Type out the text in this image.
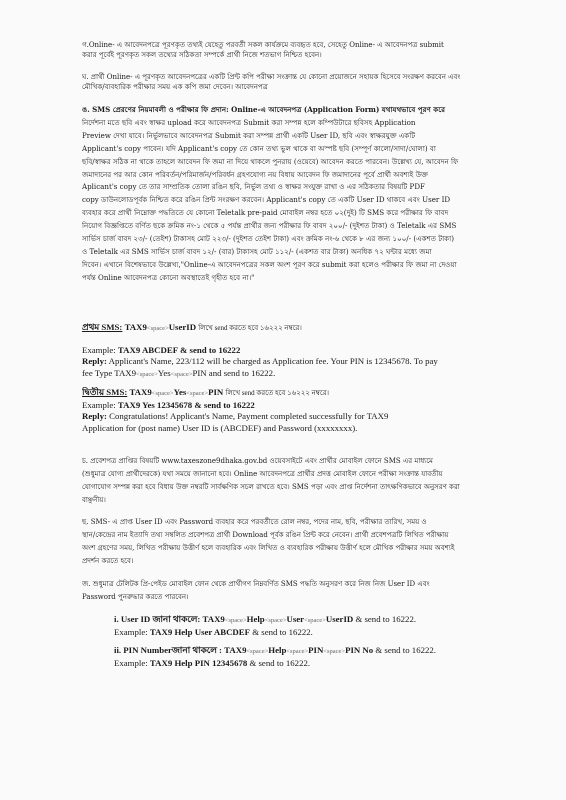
গ.Online- এ আবেদনপত্রে পূরণকৃত তথ্যই যেহেতু পরবর্তী সকল কার্যক্রমে ব্যবহৃত হবে, সেহেতু Online- এ আবেদনপত্র submit
করার পূর্বেই পূরণকৃত সকল তথ্যের সঠিকতা সম্পর্কে প্রার্থী নিজে শতভাগ নিশ্চিত হবেন।
ঘ. প্রার্থী Online- এ পূরণকৃত আবেদনপত্রের একটি প্রিন্ট কপি পরীক্ষা সংক্রান্ত যে কোনো প্রয়োজনে সহায়ক হিসেবে সংরক্ষণ করবেন এবং
মৌখিক/ব্যবহারিক পরীক্ষার সময় এক কপি জমা দেবেন। আবেদনপত্র
ঙ. SMS প্রেরণের নিয়মাবলী ও পরীক্ষার ফি প্রদান: Online-এ আবেদনপত্র (Application Form) যথাযথভাবে পূরণ করে
নির্দেশনা মতে ছবি এবং স্বাক্ষর upload করে আবেদনপত্র Submit করা সম্পন্ন হলে কম্পিউটারে ছবিসহ Application
Preview দেখা যাবে। নির্ভুলভাবে আবেদনপত্র Submit করা সম্পন্ন প্রার্থী একটি User ID, ছবি এবং স্বাক্ষরযুক্ত একটি
Applicant's copy পাবেন। যদি Applicant's copy তে কোন তথ্য ভুল থাকে বা অস্পষ্ট ছবি (সম্পূর্ণ কালো/সাদা/ঘোলা) বা
ছবি/স্বাক্ষর সঠিক না থাকে তাহলে আবেদন ফি জমা না দিয়ে থাকলে পুনরায় (ওয়েবে) আবেদন করতে পারবেন। উল্লেখ্য যে, আবেদন ফি
জমাদানের পর আর কোন পরিবর্তন/পরিমার্জন/পরিবর্ধন গ্রহণযোগ্য নয় বিধায় আবেদন ফি জমাদানের পূর্বে প্রার্থী অবশ্যই উক্ত
Aplicant's copy তে তার সাম্প্রতিক তোলা রঙিন ছবি, নির্ভুল তথ্য ও স্বাক্ষর সংযুক্ত রাখা ও এর সঠিকতার বিষয়টি PDF
copy ডাউনলোডপূর্বক নিশ্চিত করে রঙিন প্রিন্ট সংরক্ষণ করবেন। Applicant's copy তে একটি User ID থাকবে এবং User ID
ব্যবহার করে প্রার্থী নিম্নোক্ত পদ্ধতিতে যে কোনো Teletalk pre-paid মোবাইল নম্বর হতে ০২(দুই) টি SMS করে পরীক্ষার ফি বাবদ
নিয়োগ বিজ্ঞপ্তিতে বর্ণিত ছকে ক্রমিক নং-১ থেকে ৫ পর্যন্ত প্রার্থীর জন্য পরীক্ষার ফি বাবদ ২০০/- (দুইশত টাকা) ও Teletalk এর SMS
সার্ভিস চার্জ বাবদ ২৩/- (তেইশ) টাকাসহ মোট ২২৩/- (দুইশত তেইশ টাকা) এবং ক্রমিক নং-৬ থেকে ৮ এর জন্য ১০০/- (একশত টাকা)
ও Teletalk এর SMS সার্ভিস চার্জ বাবদ ১২/- (বার) টাকাসহ মোট ১১২/- (একশত বার টাকা) অনধিক ৭২ ঘন্টার মধ্যে জমা
দিবেন। এখানে বিশেষভাবে উল্লেখ্য,"Online-এ আবেদনপত্রের সকল অংশ পূরণ করে submit করা হলেও পরীক্ষার ফি জমা না দেওয়া
পর্যন্ত Online আবেদনপত্র কোনো অবস্থাতেই গৃহীত হবে না।"
প্রথম SMS: TAX9<space>UserID লিখে send করতে হবে ১৬২২২ নম্বরে।
Example: TAX9 ABCDEF & send to 16222
Reply: Applicant's Name, 223/112 will be charged as Application fee. Your PIN is 12345678. To pay
fee Type TAX9<space>Yes<space>PIN and send to 16222.
দ্বিতীয় SMS: TAX9<space>Yes<space>PIN লিখে send করতে হবে ১৬২২২ নম্বরে।
Example: TAX9 Yes 12345678 & send to 16222
Reply: Congratulations! Applicant's Name, Payment completed successfully for TAX9
Application for (post name) User ID is (ABCDEF) and Password (xxxxxxxx).
চ. প্রবেশপত্র প্রাপ্তির বিষয়টি www.taxeszone9dhaka.gov.bd ওয়েবসাইটে এবং প্রার্থীর মোবাইল ফোনে SMS এর মাধ্যমে
(শুধুমাত্র যোগ্য প্রার্থীদেরকে) যথা সময়ে জানানো হবে। Online আবেদনপত্রে প্রার্থীর প্রদত্ত মোবাইল ফোনে পরীক্ষা সংক্রান্ত যাবতীয়
যোগাযোগ সম্পন্ন করা হবে বিধায় উক্ত নম্বরটি সার্বক্ষণিক সচল রাখতে হবে। SMS পড়া এবং প্রাপ্ত নির্দেশনা তাৎক্ষণিকভাবে অনুসরণ করা
বাঞ্ছনীয়।
ছ. SMS- এ প্রাপ্ত User ID এবং Password ব্যবহার করে পরবর্তীতে রোল নম্বর, পদের নাম, ছবি, পরীক্ষার তারিখ, সময় ও
স্থান/কেন্দ্রের নাম ইত্যাদি তথ্য সম্বলিত প্রবেশপত্র প্রার্থী Download পূর্বক রঙিন প্রিন্ট করে নেবেন। প্রার্থী প্রবেশপত্রটি লিখিত পরীক্ষায়
অংশ গ্রহণের সময়, লিখিত পরীক্ষায় উত্তীর্ণ হলে ব্যবহারিক এবং লিখিত ও ব্যবহারিক পরীক্ষায় উত্তীর্ণ হলে মৌখিক পরীক্ষার সময় অবশ্যই
প্রদর্শন করতে হবে।
জ. শুধুমাত্র টেলিটক প্রি-পেইড মোবাইল ফোন থেকে প্রার্থীগণ নিম্নবর্ণিত SMS পদ্ধতি অনুসরণ করে নিজ নিজ User ID এবং
Password পুনরুদ্ধার করতে পারবেন।
i. User ID জানা থাকলে: TAX9<space>Help<space>User<space>UserID & send to 16222.
Example: TAX9 Help User ABCDEF & send to 16222.
ii. PIN Numberজানা থাকলে : TAX9<space>Help<space>PIN<space>PIN No & send to 16222.
Example: TAX9 Help PIN 12345678 & send to 16222.
